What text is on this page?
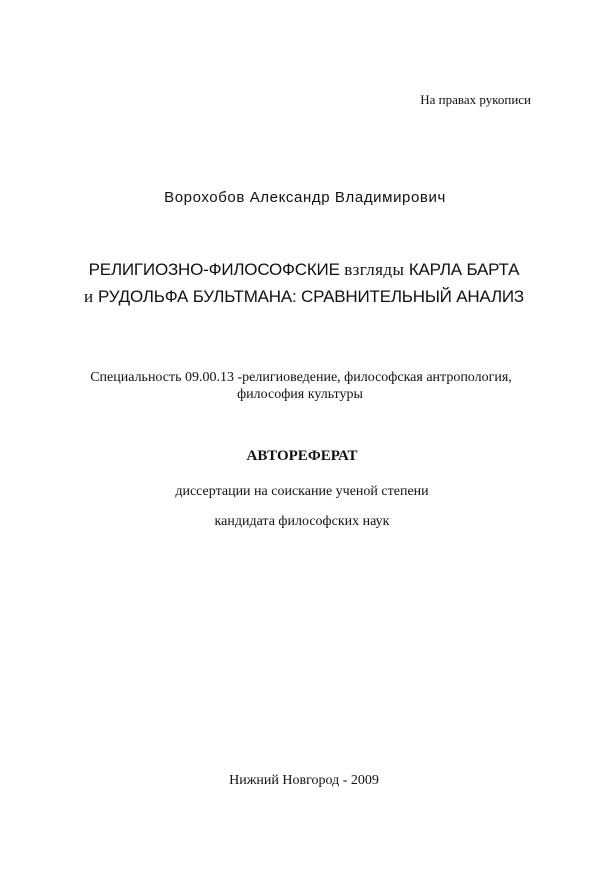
На правах рукописи
Ворохобов Александр Владимирович
РЕЛИГИОЗНО-ФИЛОСОФСКИЕ взгляды КАРЛА БАРТА
и РУДОЛЬФА БУЛЬТМАНА: СРАВНИТЕЛЬНЫЙ АНАЛИЗ
Специальность 09.00.13 -религиоведение, философская антропология,
философия культуры
АВТОРЕФЕРАТ
диссертации на соискание ученой степени
кандидата философских наук
Нижний Новгород - 2009
